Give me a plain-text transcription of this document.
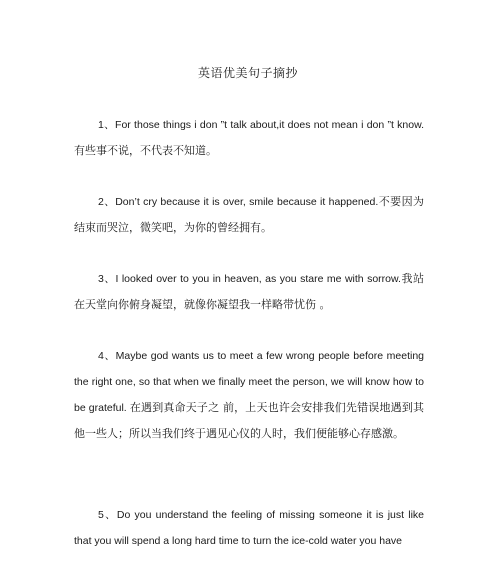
英语优美句子摘抄
1、For those things i don ”t talk about,it does not mean i don ”t know.有些事不说，不代表不知道。
2、Don’t cry because it is over, smile because it happened.不要因为结束而哭泣，微笑吧，为你的曾经拥有。
3、I looked over to you in heaven, as you stare me with sorrow.我站在天堂向你俯身凝望，就像你凝望我一样略带忧伤 。
4、Maybe god wants us to meet a few wrong people before meeting the right one, so that when we finally meet the person, we will know how to be grateful. 在遇到真命天子之 前，上天也许会安排我们先错误地遇到其他一些人；所以当我们终于遇见心仪的人时，我们便能够心存感激。
5、Do you understand the feeling of missing someone it is just like that you will spend a long hard time to turn the ice-cold water you have
